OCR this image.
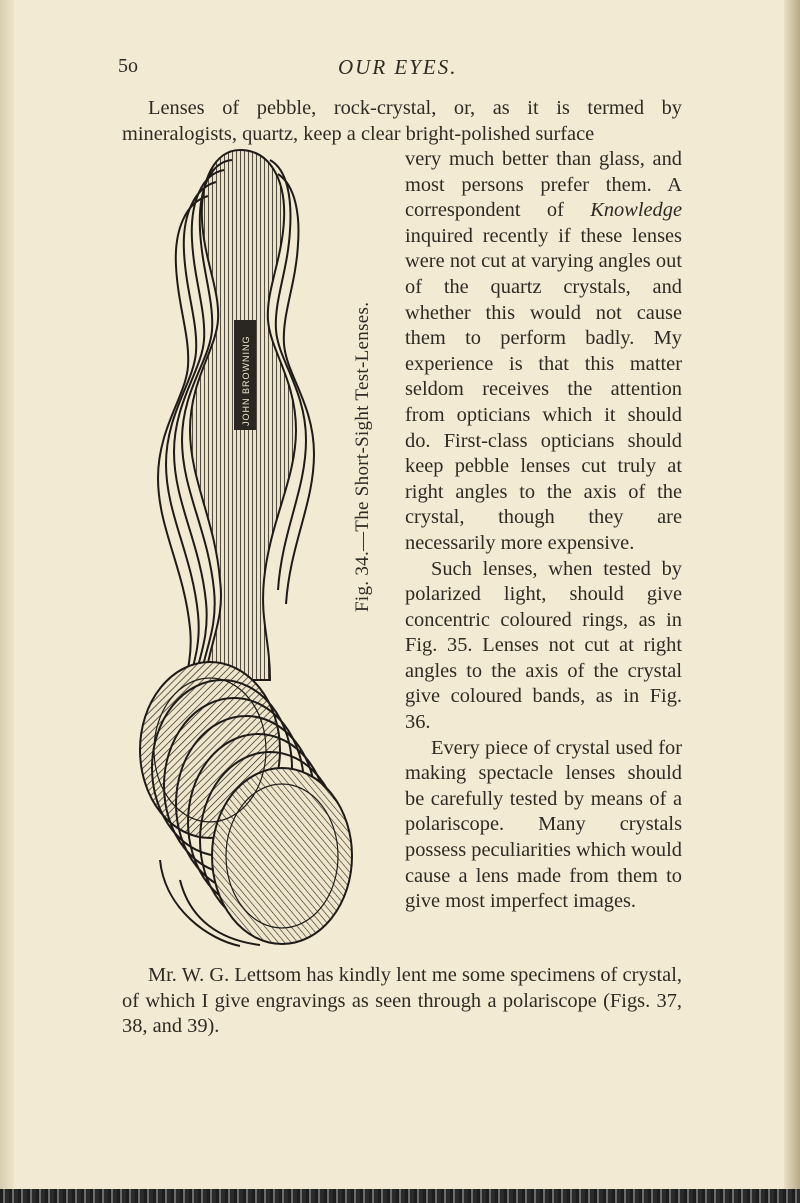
5o	OUR EYES.
Lenses of pebble, rock-crystal, or, as it is termed by mineralogists, quartz, keep a clear bright-polished surface
JOHN BROWNING	Fig. 34.—The Short-Sight Test-Lenses.

very much better than glass, and most persons prefer them. A correspondent of Knowledge inquired recently if these lenses were not cut at varying angles out of the quartz crystals, and whether this would not cause them to perform badly. My experience is that this matter seldom receives the attention from opticians which it should do. First-class opticians should keep pebble lenses cut truly at right angles to the axis of the crystal, though they are necessarily more expensive.

Such lenses, when tested by polarized light, should give concentric coloured rings, as in Fig. 35. Lenses not cut at right angles to the axis of the crystal give coloured bands, as in Fig. 36.

Every piece of crystal used for making spectacle lenses should be carefully tested by means of a polariscope. Many crystals possess peculiarities which would cause a lens made from them to give most imperfect images.

Mr. W. G. Lettsom has kindly lent me some specimens of crystal, of which I give engravings as seen through a polariscope (Figs. 37, 38, and 39).
